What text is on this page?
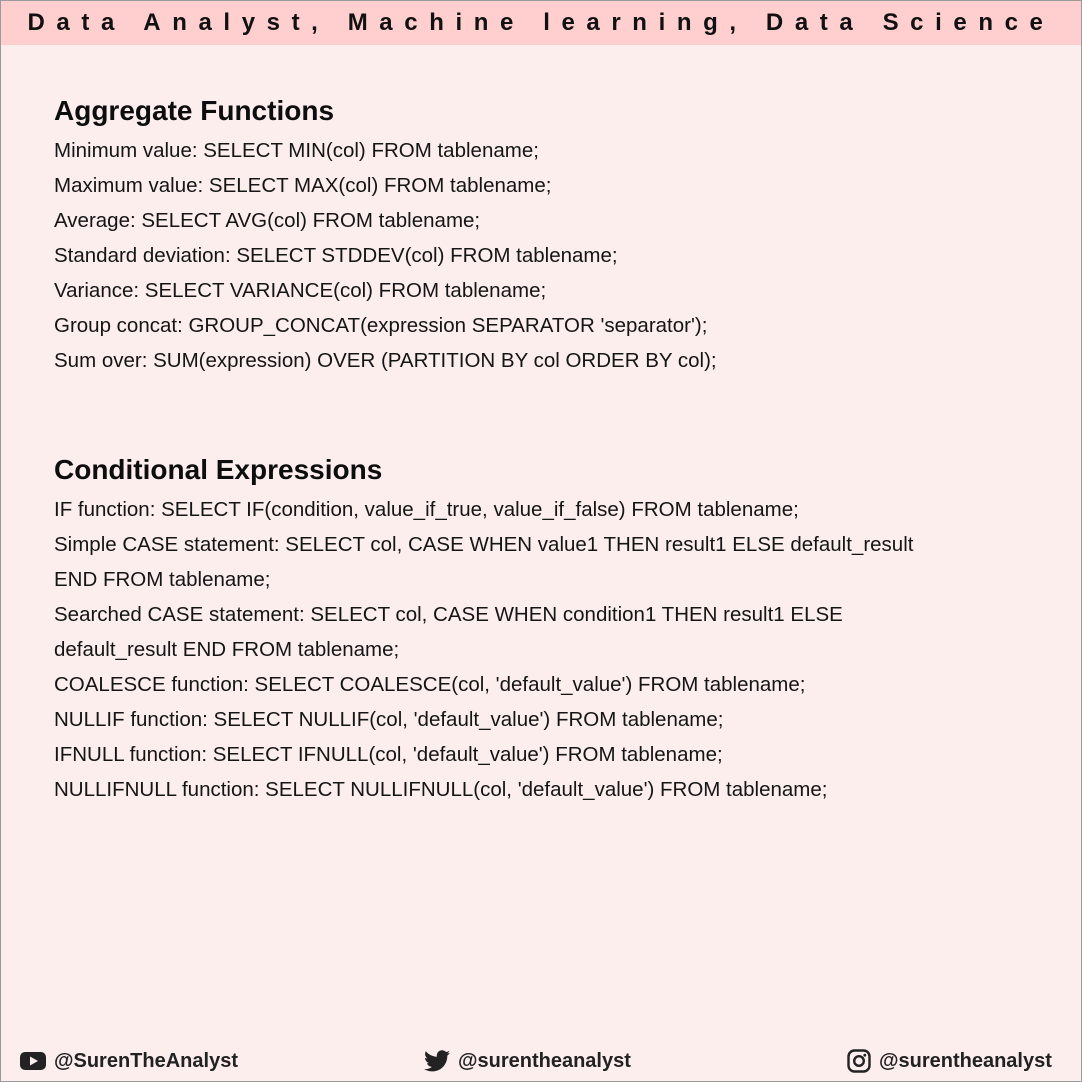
Data Analyst, Machine learning, Data Science
Aggregate Functions

Minimum value: SELECT MIN(col) FROM tablename;

Maximum value: SELECT MAX(col) FROM tablename;

Average: SELECT AVG(col) FROM tablename;

Standard deviation: SELECT STDDEV(col) FROM tablename;

Variance: SELECT VARIANCE(col) FROM tablename;

Group concat: GROUP_CONCAT(expression SEPARATOR 'separator');

Sum over: SUM(expression) OVER (PARTITION BY col ORDER BY col);

Conditional Expressions

IF function: SELECT IF(condition, value_if_true, value_if_false) FROM tablename;

Simple CASE statement: SELECT col, CASE WHEN value1 THEN result1 ELSE default_result

END FROM tablename;

Searched CASE statement: SELECT col, CASE WHEN condition1 THEN result1 ELSE

default_result END FROM tablename;

COALESCE function: SELECT COALESCE(col, 'default_value') FROM tablename;

NULLIF function: SELECT NULLIF(col, 'default_value') FROM tablename;

IFNULL function: SELECT IFNULL(col, 'default_value') FROM tablename;

NULLIFNULL function: SELECT NULLIFNULL(col, 'default_value') FROM tablename;

@SurenTheAnalyst	@surentheanalyst	@surentheanalyst
